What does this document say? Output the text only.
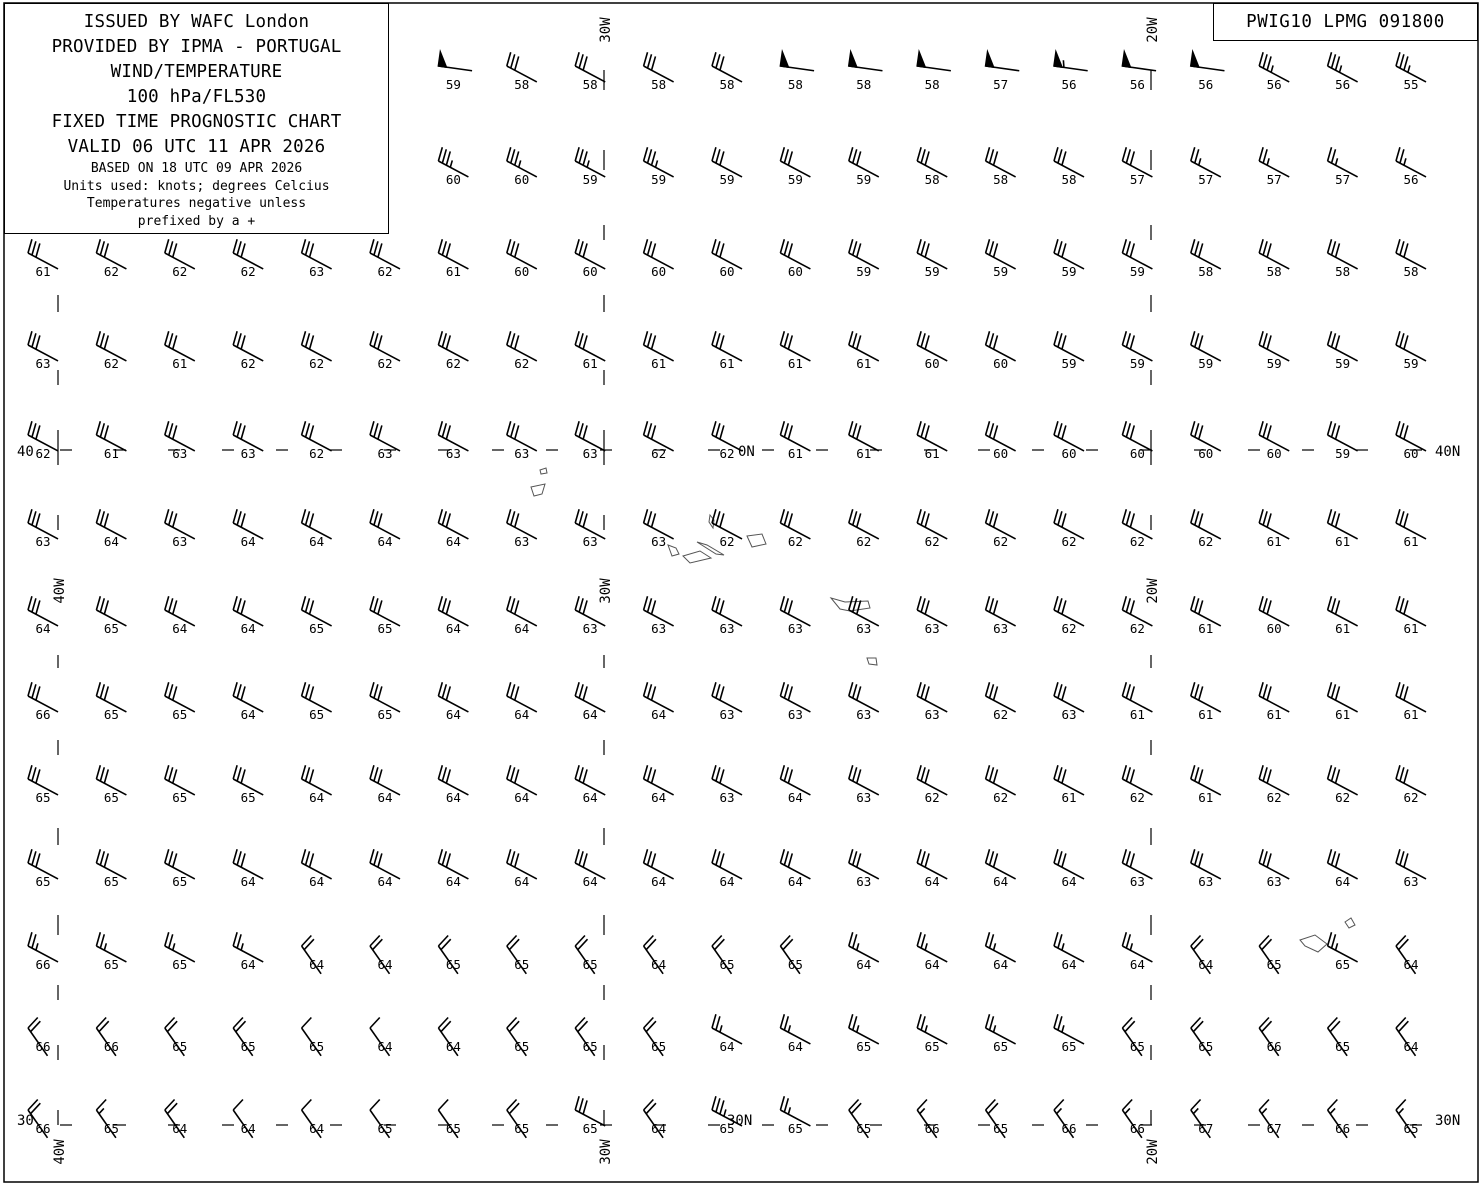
59	58	58	58	58	58	58	58	57	56	56	56	56	56	55
60	60	59	59	59	59	59	58	58	58	57	57	57	57	56
61	62	62	62	63	62	61	60	60	60	60	60	59	59	59	59	59	58	58	58	58
63	62	61	62	62	62	62	62	61	61	61	61	61	60	60	59	59	59	59	59	59
62	61	63	63	62	63	63	63	63	62	62	61	61	61	60	60	60	60	60	59	60
63	64	63	64	64	64	64	63	63	63	62	62	62	62	62	62	62	62	61	61	61
64	65	64	64	65	65	64	64	63	63	63	63	63	63	63	62	62	61	60	61	61
66	65	65	64	65	65	64	64	64	64	63	63	63	63	62	63	61	61	61	61	61
65	65	65	65	64	64	64	64	64	64	63	64	63	62	62	61	62	61	62	62	62
65	65	65	64	64	64	64	64	64	64	64	64	63	64	64	64	63	63	63	64	63
66	65	65	64	64	64	65	65	65	64	65	65	64	64	64	64	64	64	65	65	64
66	66	65	65	65	64	64	65	65	65	64	64	65	65	65	65	65	65	66	65	64
66	65	64	64	64	65	65	65	65	64	65	65	65	66	65	66	66	67	67	66	65
30W	20W
40W	30W	20W
40W	30W	20W
40N
30N
40	0N
30	30N
ISSUED BY WAFC London
PROVIDED BY IPMA - PORTUGAL
WIND/TEMPERATURE
100 hPa/FL530
FIXED TIME PROGNOSTIC CHART
VALID 06 UTC 11 APR 2026
BASED ON 18 UTC 09 APR 2026
Units used: knots; degrees Celcius
Temperatures negative unless
prefixed by a +
PWIG10 LPMG 091800
